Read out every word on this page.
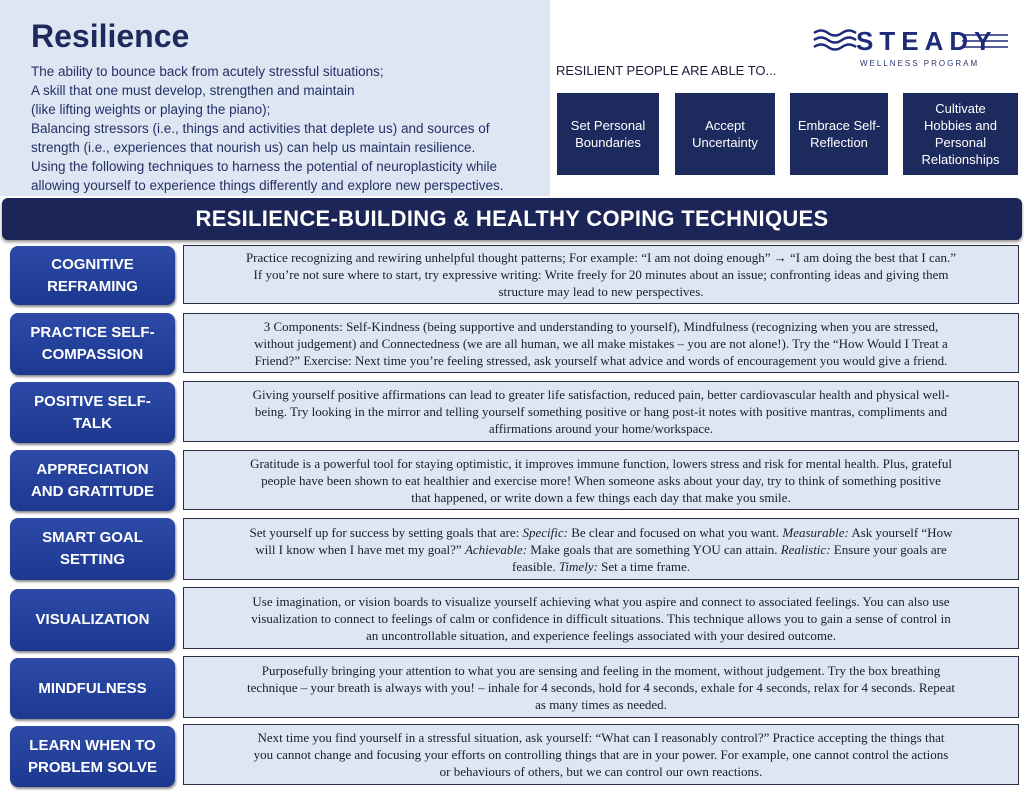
Resilience
The ability to bounce back from acutely stressful situations;
A skill that one must develop, strengthen and maintain
(like lifting weights or playing the piano);
Balancing stressors (i.e., things and activities that deplete us) and sources of
strength (i.e., experiences that nourish us) can help us maintain resilience.
Using the following techniques to harness the potential of neuroplasticity while
allowing yourself to experience things differently and explore new perspectives.
STEADY
WELLNESS PROGRAM
RESILIENT PEOPLE ARE ABLE TO...
Set Personal
Boundaries
Accept
Uncertainty
Embrace Self-
Reflection
Cultivate
Hobbies and
Personal
Relationships
RESILIENCE-BUILDING & HEALTHY COPING TECHNIQUES
COGNITIVE
REFRAMING

Practice recognizing and rewiring unhelpful thought patterns; For example: “I am not doing enough” → “I am doing the best that I can.”

If you’re not sure where to start, try expressive writing: Write freely for 20 minutes about an issue; confronting ideas and giving them

structure may lead to new perspectives.

PRACTICE SELF-
COMPASSION

3 Components: Self-Kindness (being supportive and understanding to yourself), Mindfulness (recognizing when you are stressed,

without judgement) and Connectedness (we are all human, we all make mistakes – you are not alone!). Try the “How Would I Treat a

Friend?” Exercise: Next time you’re feeling stressed, ask yourself what advice and words of encouragement you would give a friend.

POSITIVE SELF-
TALK

Giving yourself positive affirmations can lead to greater life satisfaction, reduced pain, better cardiovascular health and physical well-

being. Try looking in the mirror and telling yourself something positive or hang post-it notes with positive mantras, compliments and

affirmations around your home/workspace.

APPRECIATION
AND GRATITUDE

Gratitude is a powerful tool for staying optimistic, it improves immune function, lowers stress and risk for mental health. Plus, grateful

people have been shown to eat healthier and exercise more! When someone asks about your day, try to think of something positive

that happened, or write down a few things each day that make you smile.

SMART GOAL
SETTING

Set yourself up for success by setting goals that are: Specific: Be clear and focused on what you want. Measurable: Ask yourself “How

will I know when I have met my goal?” Achievable: Make goals that are something YOU can attain. Realistic: Ensure your goals are

feasible. Timely: Set a time frame.

VISUALIZATION

Use imagination, or vision boards to visualize yourself achieving what you aspire and connect to associated feelings. You can also use

visualization to connect to feelings of calm or confidence in difficult situations. This technique allows you to gain a sense of control in

an uncontrollable situation, and experience feelings associated with your desired outcome.

MINDFULNESS

Purposefully bringing your attention to what you are sensing and feeling in the moment, without judgement. Try the box breathing

technique – your breath is always with you! – inhale for 4 seconds, hold for 4 seconds, exhale for 4 seconds, relax for 4 seconds. Repeat

as many times as needed.

LEARN WHEN TO
PROBLEM SOLVE

Next time you find yourself in a stressful situation, ask yourself: “What can I reasonably control?” Practice accepting the things that

you cannot change and focusing your efforts on controlling things that are in your power. For example, one cannot control the actions

or behaviours of others, but we can control our own reactions.
